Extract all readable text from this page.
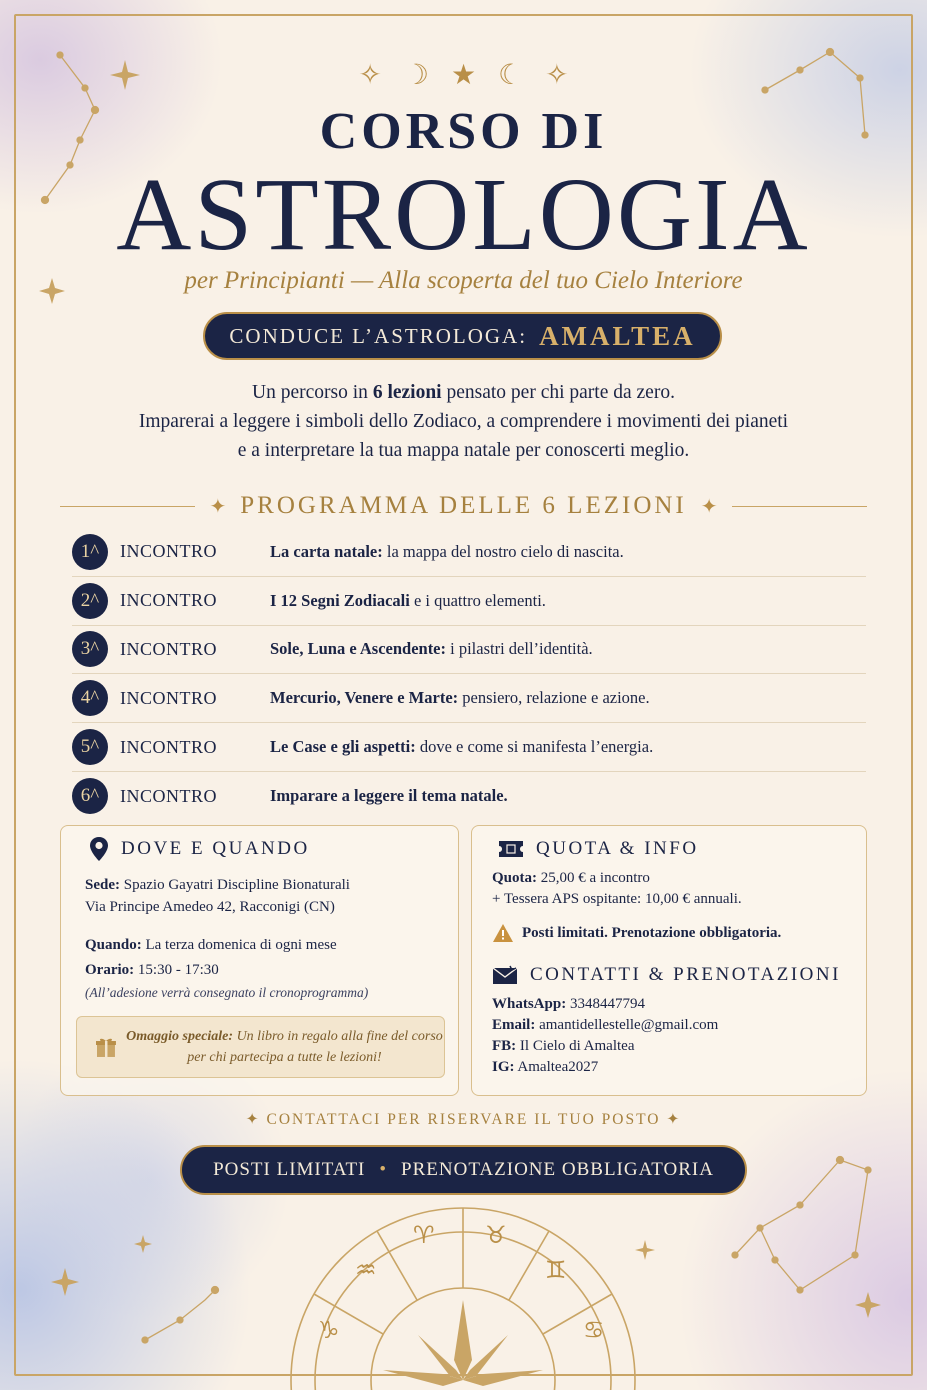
♈ ♉
♊
♋
♒
♑
✧☽★☾✧
CORSO DI
ASTROLOGIA
per Principianti — Alla scoperta del tuo Cielo Interiore
CONDUCE L’ASTROLOGA: AMALTEA
Un percorso in 6 lezioni pensato per chi parte da zero.
Imparerai a leggere i simboli dello Zodiaco, a comprendere i movimenti dei pianeti
e a interpretare la tua mappa natale per conoscerti meglio.
✦ PROGRAMMA DELLE 6 LEZIONI ✦
1^	INCONTRO	La carta natale: la mappa del nostro cielo di nascita.
2^	INCONTRO	I 12 Segni Zodiacali e i quattro elementi.
3^	INCONTRO	Sole, Luna e Ascendente: i pilastri dell’identità.
4^	INCONTRO	Mercurio, Venere e Marte: pensiero, relazione e azione.
5^	INCONTRO	Le Case e gli aspetti: dove e come si manifesta l’energia.
6^	INCONTRO	Imparare a leggere il tema natale.
DOVE E QUANDO
Sede: Spazio Gayatri Discipline Bionaturali
Via Principe Amedeo 42, Racconigi (CN)
Quando: La terza domenica di ogni mese
Orario: 15:30 - 17:30
(All’adesione verrà consegnato il cronoprogramma)
Omaggio speciale: Un libro in regalo alla fine del corso
per chi partecipa a tutte le lezioni!
QUOTA & INFO
Quota: 25,00 € a incontro
+ Tessera APS ospitante: 10,00 € annuali.
Posti limitati. Prenotazione obbligatoria.
CONTATTI & PRENOTAZIONI
WhatsApp: 3348447794
Email: amantidellestelle@gmail.com
FB: Il Cielo di Amaltea
IG: Amaltea2027
✦ CONTATTACI PER RISERVARE IL TUO POSTO ✦
POSTI LIMITATI • PRENOTAZIONE OBBLIGATORIA
